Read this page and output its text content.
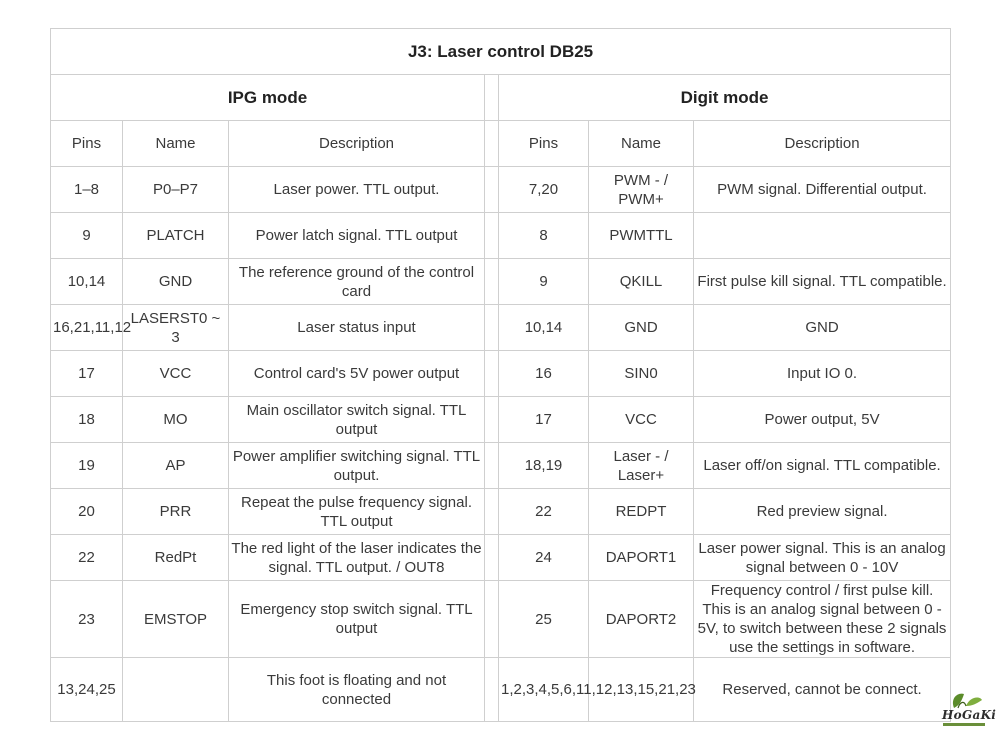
J3: Laser control DB25						
IPG mode				Digit mode		
Pins	Name	Description		Pins	Name	Description
1–8	P0–P7	Laser power. TTL output.		7,20	PWM - / PWM+	PWM signal. Differential output.
9	PLATCH	Power latch signal. TTL output		8	PWMTTL	
10,14	GND	The reference ground of the control card		9	QKILL	First pulse kill signal. TTL compatible.
16,21,11,12	LASERST0 ~ 3	Laser status input		10,14	GND	GND
17	VCC	Control card's 5V power output		16	SIN0	Input IO 0.
18	MO	Main oscillator switch signal. TTL output		17	VCC	Power output, 5V
19	AP	Power amplifier switching signal. TTL output.		18,19	Laser - / Laser+	Laser off/on signal. TTL compatible.
20	PRR	Repeat the pulse frequency signal. TTL output		22	REDPT	Red preview signal.
22	RedPt	The red light of the laser indicates the signal. TTL output. / OUT8		24	DAPORT1	Laser power signal. This is an analog signal between 0 - 10V
23	EMSTOP	Emergency stop switch signal. TTL output		25	DAPORT2	Frequency control / first pulse kill. This is an analog signal between 0 - 5V, to switch between these 2 signals use the settings in software.
13,24,25		This foot is floating and not connected		1,2,3,4,5,6,11,12,13,15,21,23		Reserved, cannot be connect.
HoGaKi
